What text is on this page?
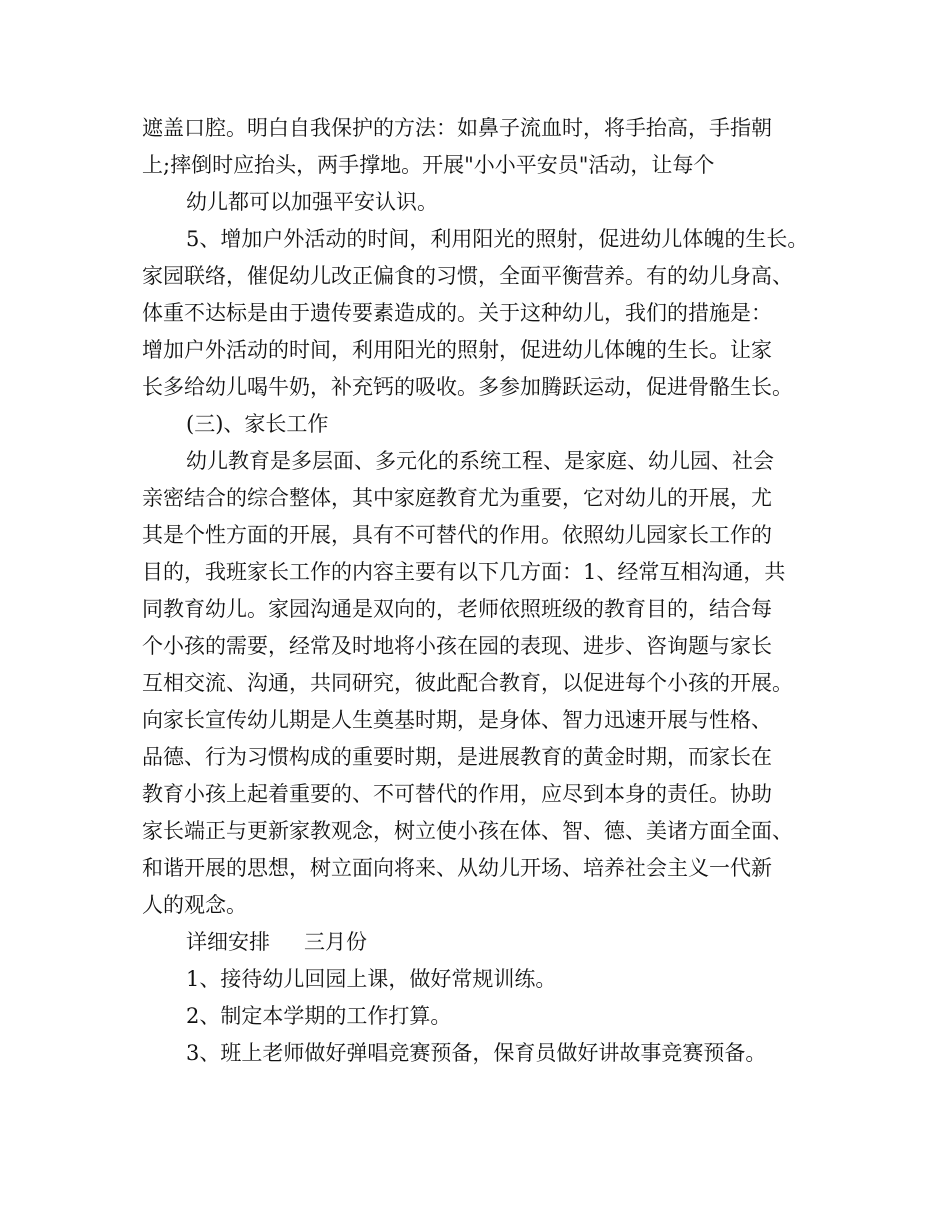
遮盖口腔。明白自我保护的方法：如鼻子流血时，将手抬高，手指朝
上;摔倒时应抬头，两手撑地。开展"小小平安员"活动，让每个
幼儿都可以加强平安认识。
5、增加户外活动的时间，利用阳光的照射，促进幼儿体魄的生长。
家园联络，催促幼儿改正偏食的习惯，全面平衡营养。有的幼儿身高、
体重不达标是由于遗传要素造成的。关于这种幼儿，我们的措施是：
增加户外活动的时间，利用阳光的照射，促进幼儿体魄的生长。让家
长多给幼儿喝牛奶，补充钙的吸收。多参加腾跃运动，促进骨骼生长。
(三)、家长工作
幼儿教育是多层面、多元化的系统工程、是家庭、幼儿园、社会
亲密结合的综合整体，其中家庭教育尤为重要，它对幼儿的开展，尤
其是个性方面的开展，具有不可替代的作用。依照幼儿园家长工作的
目的，我班家长工作的内容主要有以下几方面：1、经常互相沟通，共
同教育幼儿。家园沟通是双向的，老师依照班级的教育目的，结合每
个小孩的需要，经常及时地将小孩在园的表现、进步、咨询题与家长
互相交流、沟通，共同研究，彼此配合教育，以促进每个小孩的开展。
向家长宣传幼儿期是人生奠基时期，是身体、智力迅速开展与性格、
品德、行为习惯构成的重要时期，是进展教育的黄金时期，而家长在
教育小孩上起着重要的、不可替代的作用，应尽到本身的责任。协助
家长端正与更新家教观念，树立使小孩在体、智、德、美诸方面全面、
和谐开展的思想，树立面向将来、从幼儿开场、培养社会主义一代新
人的观念。
详细安排 三月份
1、接待幼儿回园上课，做好常规训练。
2、制定本学期的工作打算。
3、班上老师做好弹唱竞赛预备，保育员做好讲故事竞赛预备。
